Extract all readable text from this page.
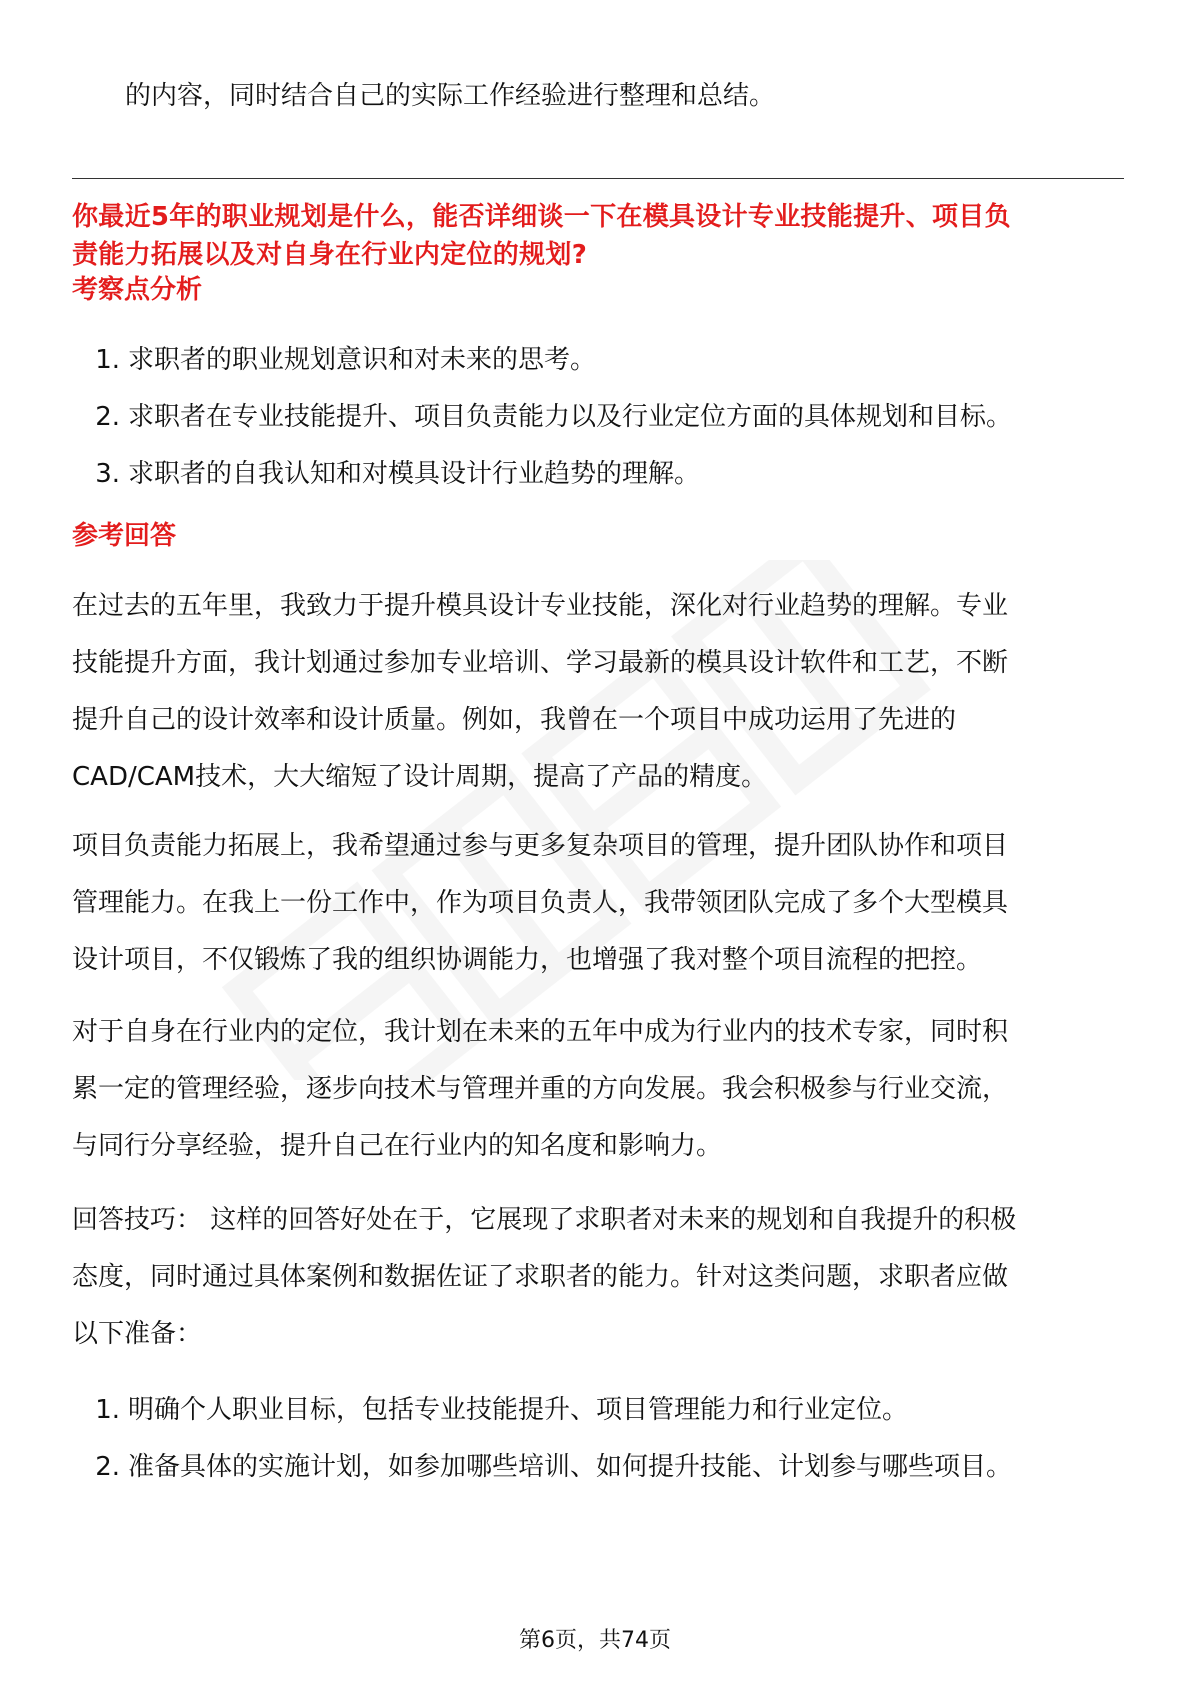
的内容，同时结合自己的实际工作经验进行整理和总结。
你最近5年的职业规划是什么，能否详细谈一下在模具设计专业技能提升、项目负
责能力拓展以及对自身在行业内定位的规划?
考察点分析
1. 求职者的职业规划意识和对未来的思考。
2. 求职者在专业技能提升、项目负责能力以及行业定位方面的具体规划和目标。
3. 求职者的自我认知和对模具设计行业趋势的理解。
参考回答
在过去的五年里，我致力于提升模具设计专业技能，深化对行业趋势的理解。专业
技能提升方面，我计划通过参加专业培训、学习最新的模具设计软件和工艺，不断
提升自己的设计效率和设计质量。例如，我曾在一个项目中成功运用了先进的
CAD/CAM技术，大大缩短了设计周期，提高了产品的精度。
项目负责能力拓展上，我希望通过参与更多复杂项目的管理，提升团队协作和项目
管理能力。在我上一份工作中，作为项目负责人，我带领团队完成了多个大型模具
设计项目，不仅锻炼了我的组织协调能力，也增强了我对整个项目流程的把控。
对于自身在行业内的定位，我计划在未来的五年中成为行业内的技术专家，同时积
累一定的管理经验，逐步向技术与管理并重的方向发展。我会积极参与行业交流，
与同行分享经验，提升自己在行业内的知名度和影响力。
回答技巧： 这样的回答好处在于，它展现了求职者对未来的规划和自我提升的积极
态度，同时通过具体案例和数据佐证了求职者的能力。针对这类问题，求职者应做
以下准备：
1. 明确个人职业目标，包括专业技能提升、项目管理能力和行业定位。
2. 准备具体的实施计划，如参加哪些培训、如何提升技能、计划参与哪些项目。
第6页，共74页
